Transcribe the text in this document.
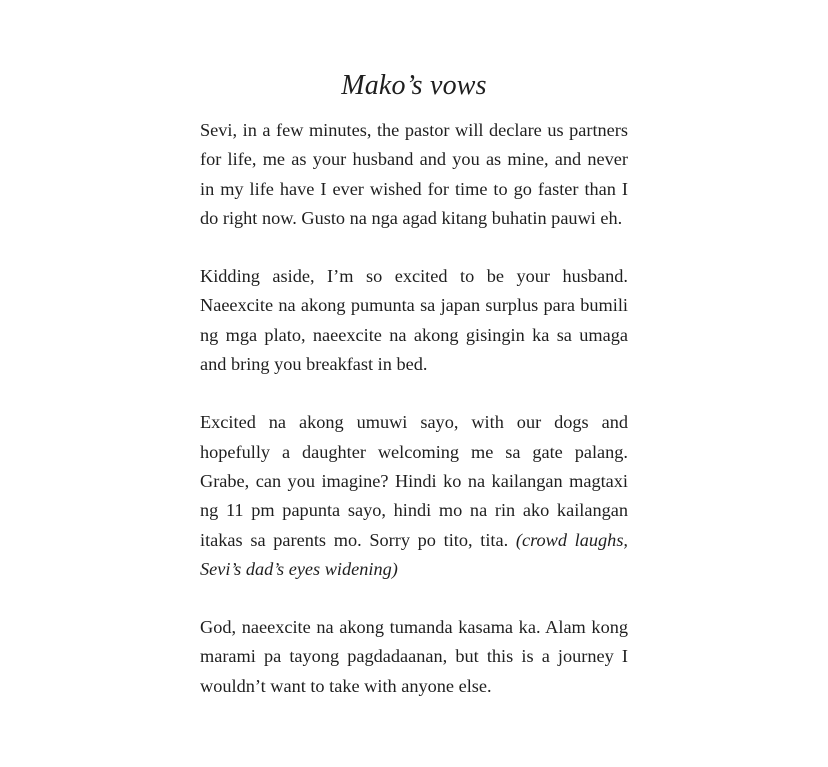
Mako’s vows

Sevi, in a few minutes, the pastor will declare us partners for life, me as your husband and you as mine, and never in my life have I ever wished for time to go faster than I do right now. Gusto na nga agad kitang buhatin pauwi eh.

Kidding aside, I’m so excited to be your husband. Naeexcite na akong pumunta sa japan surplus para bumili ng mga plato, naeexcite na akong gisingin ka sa umaga and bring you breakfast in bed.

Excited na akong umuwi sayo, with our dogs and hopefully a daughter welcoming me sa gate palang. Grabe, can you imagine? Hindi ko na kailangan magtaxi ng 11 pm papunta sayo, hindi mo na rin ako kailangan itakas sa parents mo. Sorry po tito, tita. (crowd laughs, Sevi’s dad’s eyes widening)

God, naeexcite na akong tumanda kasama ka. Alam kong marami pa tayong pagdadaanan, but this is a journey I wouldn’t want to take with anyone else.
